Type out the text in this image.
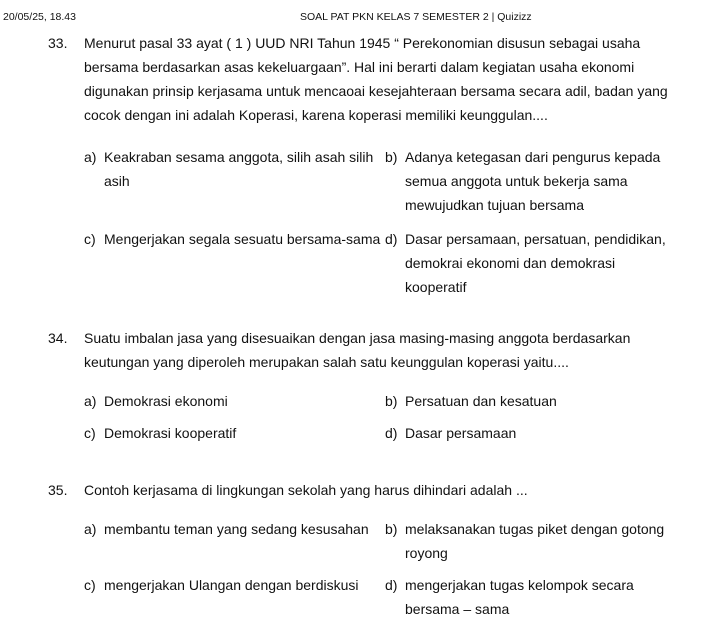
20/05/25, 18.43	SOAL PAT PKN KELAS 7 SEMESTER 2 | Quizizz
33.	Menurut pasal 33 ayat ( 1 ) UUD NRI Tahun 1945 “ Perekonomian disusun sebagai usaha bersama berdasarkan asas kekeluargaan”. Hal ini berarti dalam kegiatan usaha ekonomi digunakan prinsip kerjasama untuk mencaoai kesejahteraan bersama secara adil, badan yang cocok dengan ini adalah Koperasi, karena koperasi memiliki keunggulan....
a) Keakraban sesama anggota, silih asah silih asih
b) Adanya ketegasan dari pengurus kepada semua anggota untuk bekerja sama mewujudkan tujuan bersama
c) Mengerjakan segala sesuatu bersama-sama d) Dasar persamaan, persatuan, pendidikan, demokrai ekonomi dan demokrasi kooperatif
34.	Suatu imbalan jasa yang disesuaikan dengan jasa masing-masing anggota berdasarkan keutungan yang diperoleh merupakan salah satu keunggulan koperasi yaitu....
a) Demokrasi ekonomi	b) Persatuan dan kesatuan
c) Demokrasi kooperatif	d) Dasar persamaan
35.	Contoh kerjasama di lingkungan sekolah yang harus dihindari adalah ...
a) membantu teman yang sedang kesusahan	b) melaksanakan tugas piket dengan gotong royong
c) mengerjakan Ulangan dengan berdiskusi	d) mengerjakan tugas kelompok secara bersama – sama
